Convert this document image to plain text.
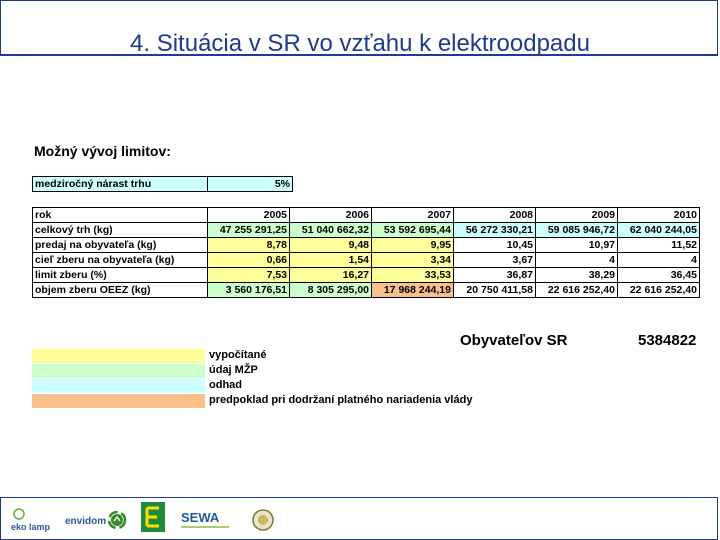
4. Situácia v SR vo vzťahu k elektroodpadu
Možný vývoj limitov:
medziročný nárast trhu	5%
rok	2005	2006	2007	2008	2009	2010
celkový trh (kg)	47 255 291,25	51 040 662,32	53 592 695,44	56 272 330,21	59 085 946,72	62 040 244,05
predaj na obyvateľa (kg)	8,78	9,48	9,95	10,45	10,97	11,52
cieľ zberu na obyvateľa (kg)	0,66	1,54	3,34	3,67	4	4
limit zberu (%)	7,53	16,27	33,53	36,87	38,29	36,45
objem zberu OEEZ (kg)	3 560 176,51	8 305 295,00	17 968 244,19	20 750 411,58	22 616 252,40	22 616 252,40
Obyvateľov SR	5384822
vypočítané
údaj MŽP
odhad
predpoklad pri dodržaní platného nariadenia vlády
eko lamp envidom	SEWA
